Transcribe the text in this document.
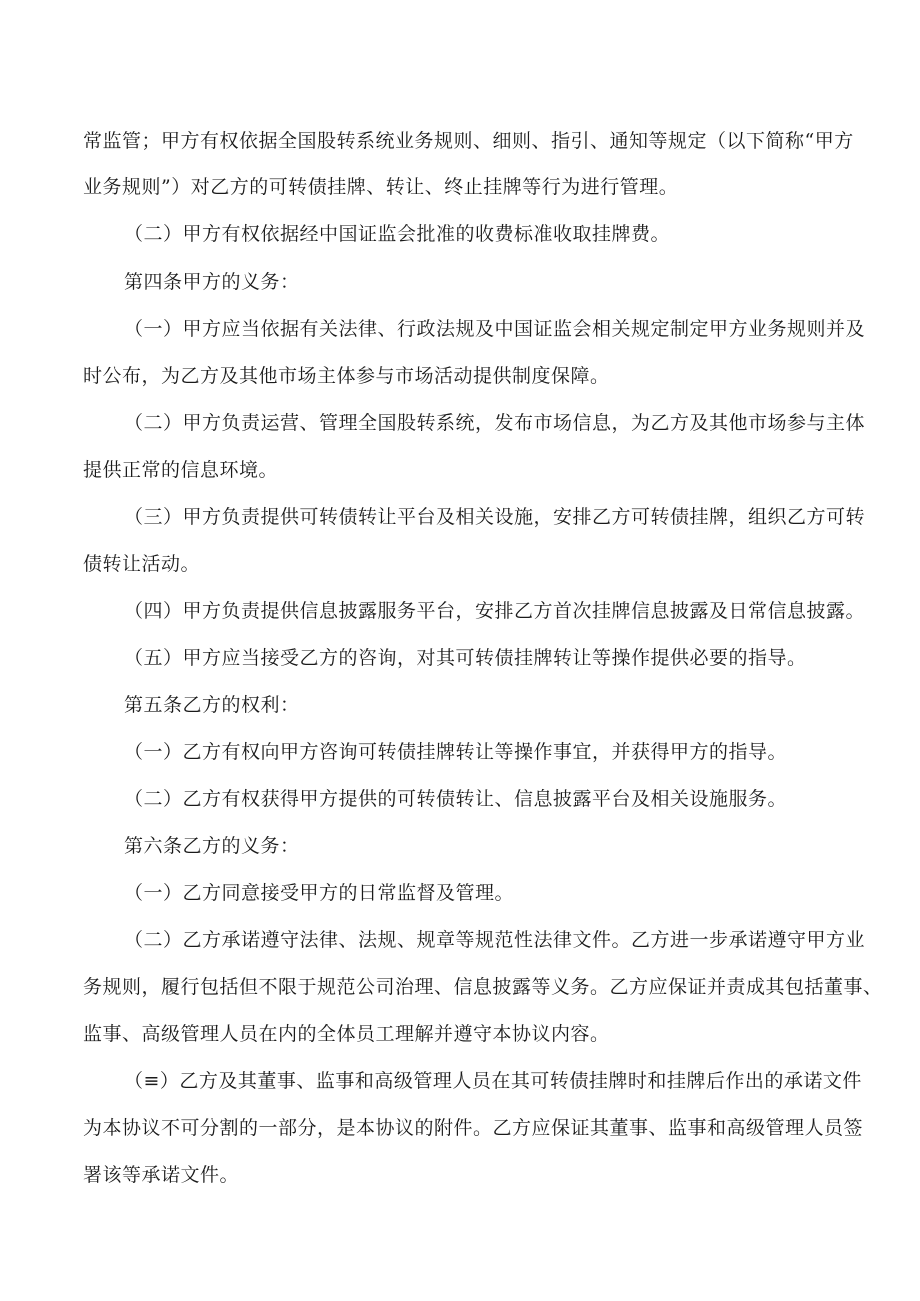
常监管；甲方有权依据全国股转系统业务规则、细则、指引、通知等规定（以下简称“甲方
业务规则”）对乙方的可转债挂牌、转让、终止挂牌等行为进行管理。
（二）甲方有权依据经中国证监会批准的收费标准收取挂牌费。
第四条甲方的义务：
（一）甲方应当依据有关法律、行政法规及中国证监会相关规定制定甲方业务规则并及
时公布，为乙方及其他市场主体参与市场活动提供制度保障。
（二）甲方负责运营、管理全国股转系统，发布市场信息，为乙方及其他市场参与主体
提供正常的信息环境。
（三）甲方负责提供可转债转让平台及相关设施，安排乙方可转债挂牌，组织乙方可转
债转让活动。
（四）甲方负责提供信息披露服务平台，安排乙方首次挂牌信息披露及日常信息披露。
（五）甲方应当接受乙方的咨询，对其可转债挂牌转让等操作提供必要的指导。
第五条乙方的权利：
（一）乙方有权向甲方咨询可转债挂牌转让等操作事宜，并获得甲方的指导。
（二）乙方有权获得甲方提供的可转债转让、信息披露平台及相关设施服务。
第六条乙方的义务：
（一）乙方同意接受甲方的日常监督及管理。
（二）乙方承诺遵守法律、法规、规章等规范性法律文件。乙方进一步承诺遵守甲方业
务规则，履行包括但不限于规范公司治理、信息披露等义务。乙方应保证并责成其包括董事、
监事、高级管理人员在内的全体员工理解并遵守本协议内容。
（≡）乙方及其董事、监事和高级管理人员在其可转债挂牌时和挂牌后作出的承诺文件
为本协议不可分割的一部分，是本协议的附件。乙方应保证其董事、监事和高级管理人员签
署该等承诺文件。
